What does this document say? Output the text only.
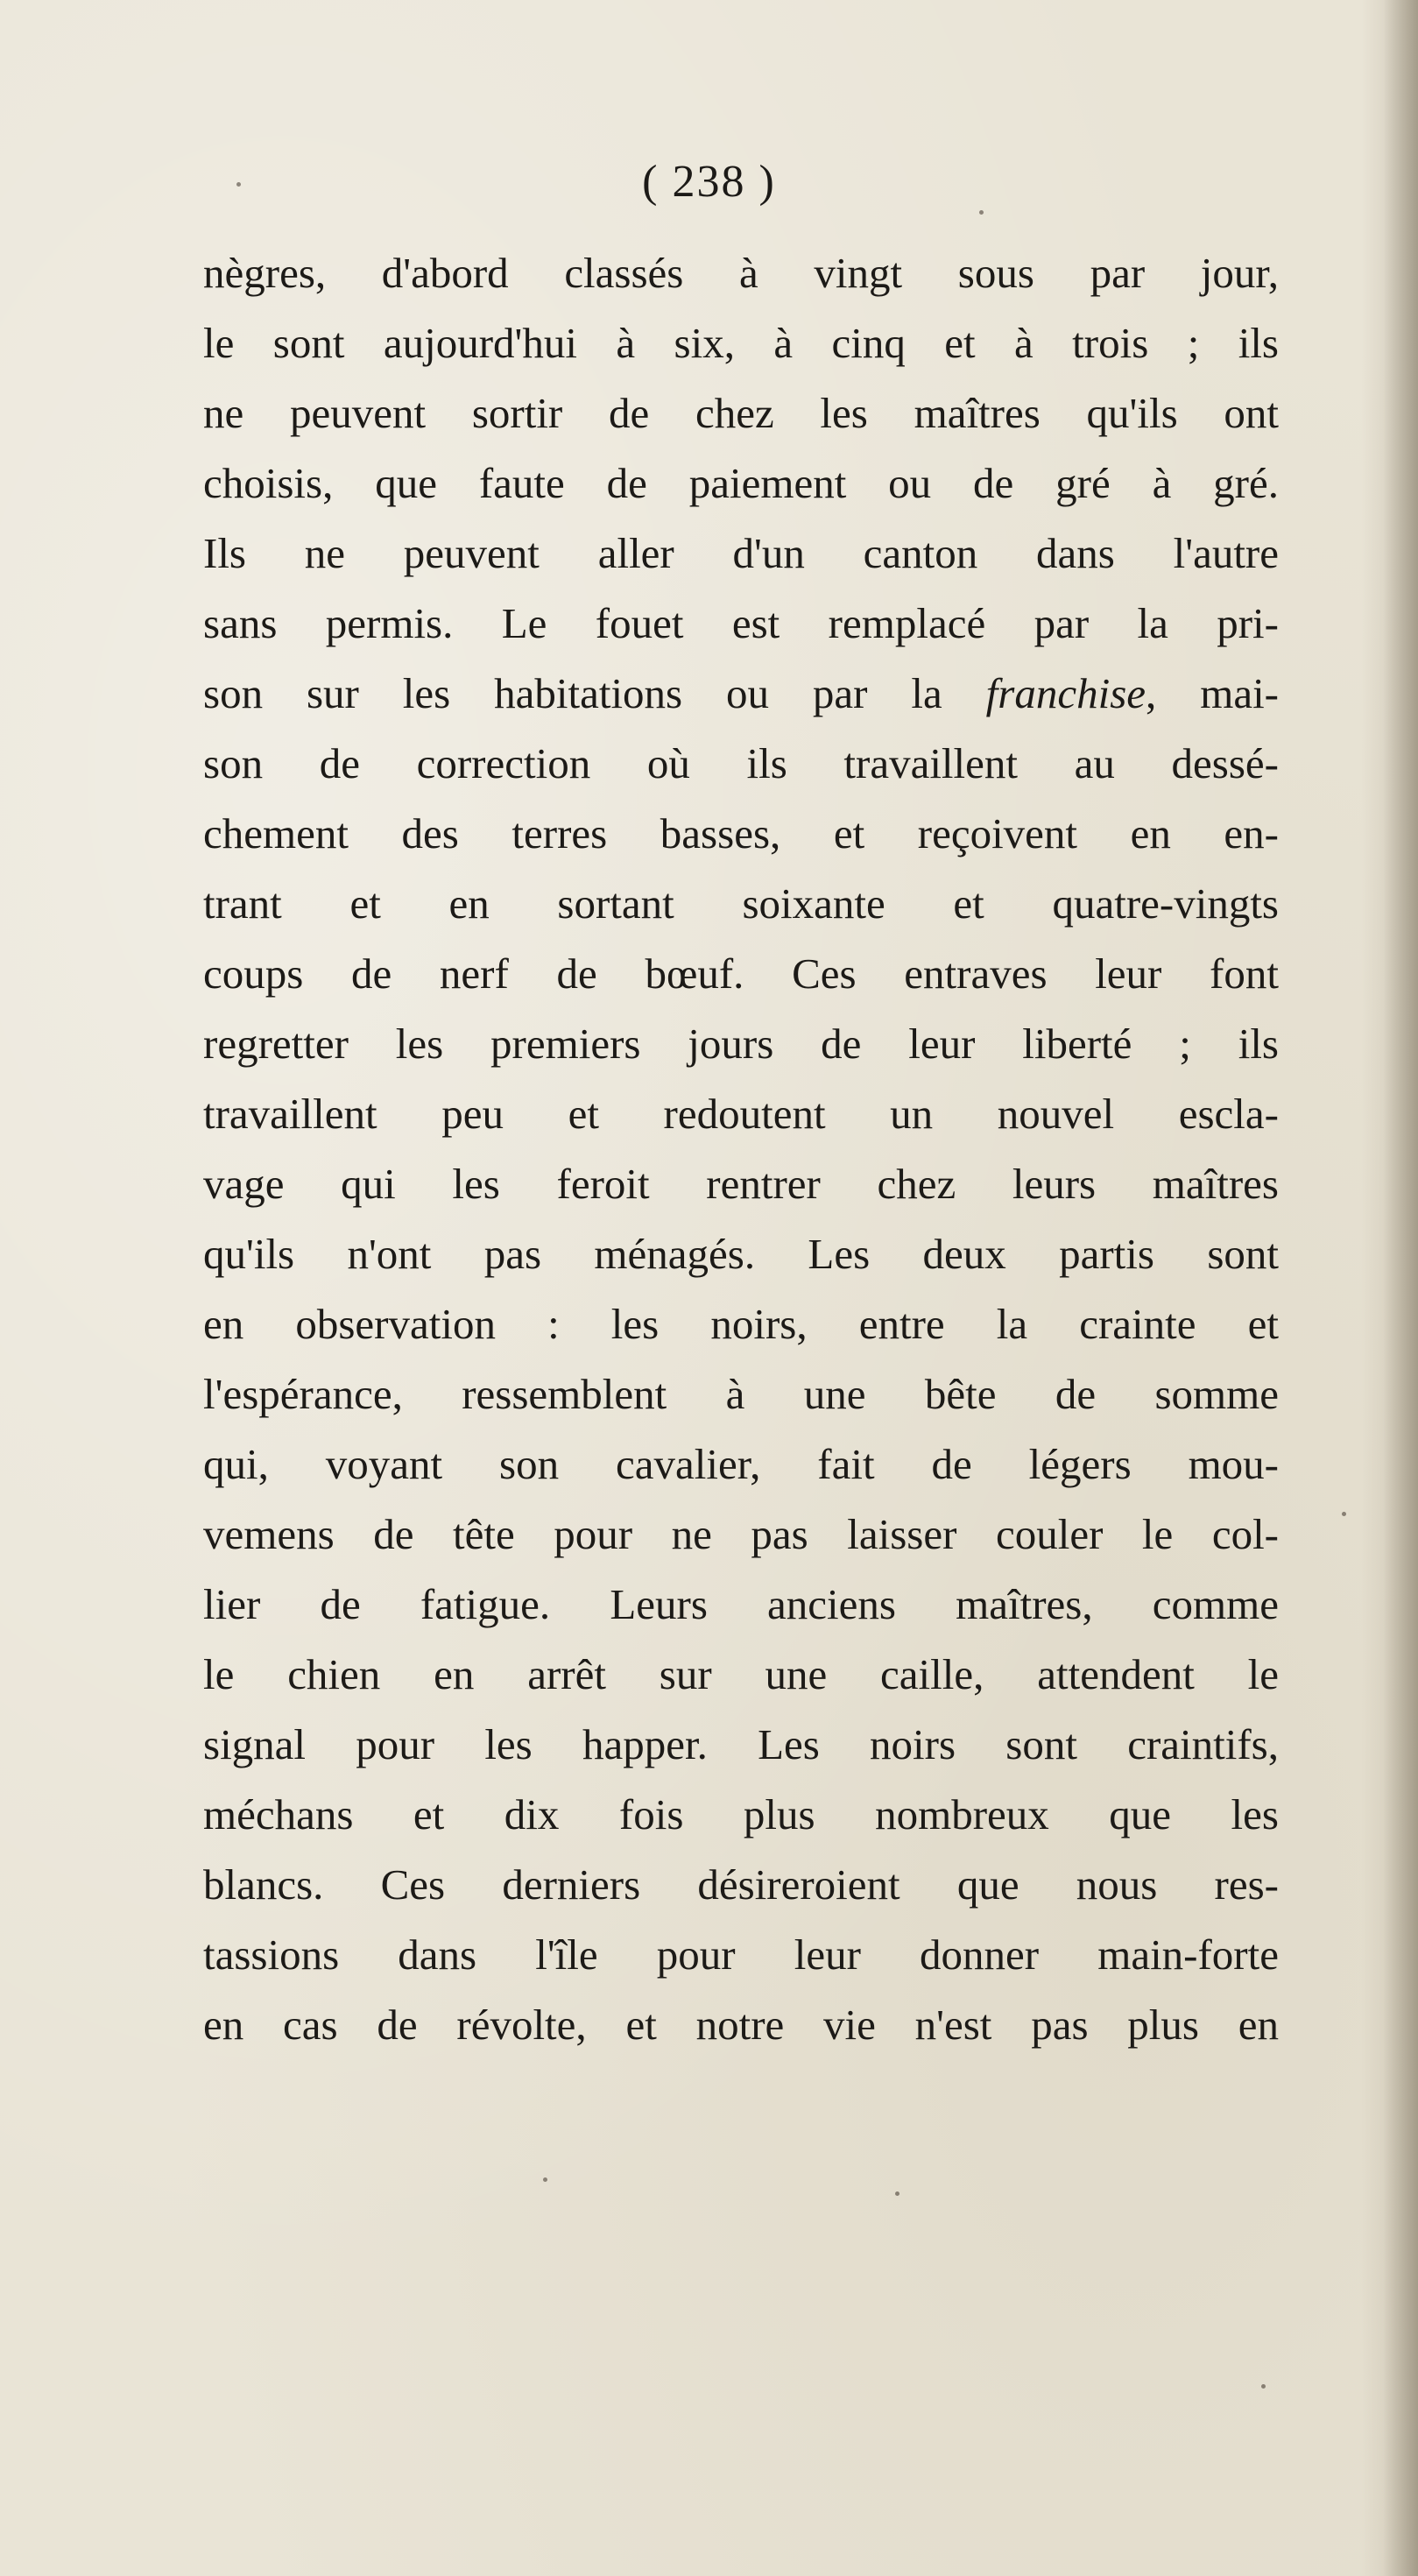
( 238 )
nègres, d'abord classés à vingt sous par jour,
le sont aujourd'hui à six, à cinq et à trois ; ils
ne peuvent sortir de chez les maîtres qu'ils ont
choisis, que faute de paiement ou de gré à gré.
Ils ne peuvent aller d'un canton dans l'autre
sans permis. Le fouet est remplacé par la pri-
son sur les habitations ou par la franchise, mai-
son de correction où ils travaillent au dessé-
chement des terres basses, et reçoivent en en-
trant et en sortant soixante et quatre-vingts
coups de nerf de bœuf. Ces entraves leur font
regretter les premiers jours de leur liberté ; ils
travaillent peu et redoutent un nouvel escla-
vage qui les feroit rentrer chez leurs maîtres
qu'ils n'ont pas ménagés. Les deux partis sont
en observation : les noirs, entre la crainte et
l'espérance, ressemblent à une bête de somme
qui, voyant son cavalier, fait de légers mou-
vemens de tête pour ne pas laisser couler le col-
lier de fatigue. Leurs anciens maîtres, comme
le chien en arrêt sur une caille, attendent le
signal pour les happer. Les noirs sont craintifs,
méchans et dix fois plus nombreux que les
blancs. Ces derniers désireroient que nous res-
tassions dans l'île pour leur donner main-forte
en cas de révolte, et notre vie n'est pas plus en
